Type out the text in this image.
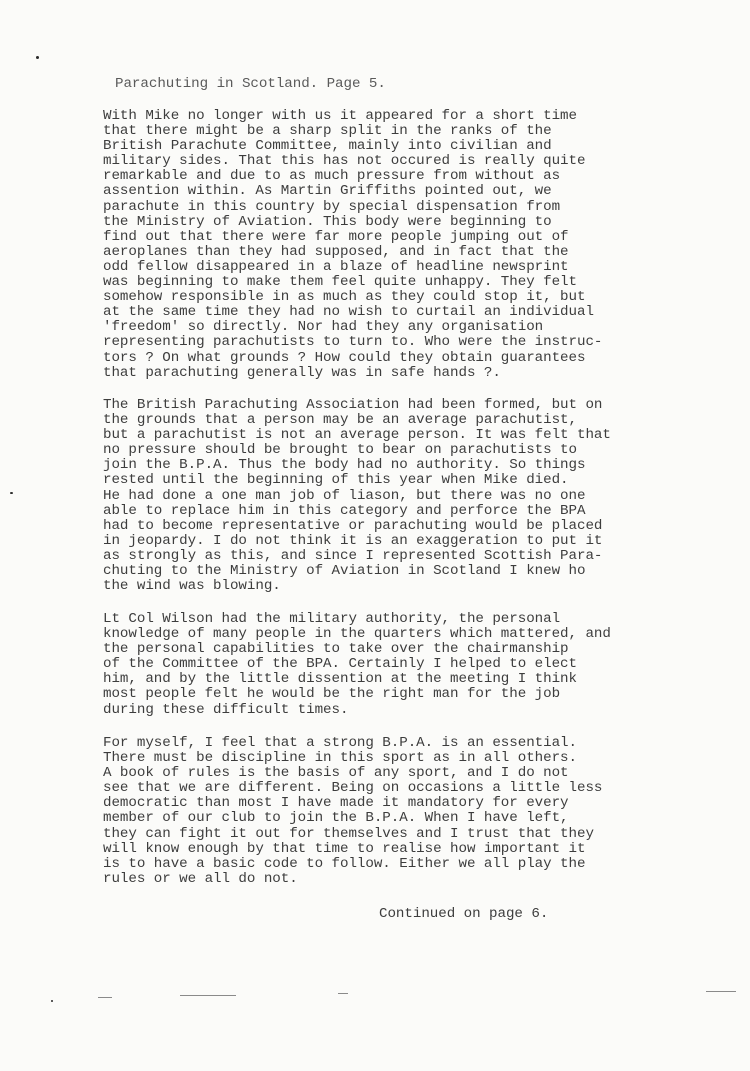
Parachuting in Scotland. Page 5.
With Mike no longer with us it appeared for a short time
that there might be a sharp split in the ranks of the
British Parachute Committee, mainly into civilian and
military sides. That this has not occured is really quite
remarkable and due to as much pressure from without as
assention within. As Martin Griffiths pointed out, we
parachute in this country by special dispensation from
the Ministry of Aviation. This body were beginning to
find out that there were far more people jumping out of
aeroplanes than they had supposed, and in fact that the
odd fellow disappeared in a blaze of headline newsprint
was beginning to make them feel quite unhappy. They felt
somehow responsible in as much as they could stop it, but
at the same time they had no wish to curtail an individual
'freedom' so directly. Nor had they any organisation
representing parachutists to turn to. Who were the instruc-
tors ? On what grounds ? How could they obtain guarantees
that parachuting generally was in safe hands ?.
The British Parachuting Association had been formed, but on
the grounds that a person may be an average parachutist,
but a parachutist is not an average person. It was felt that
no pressure should be brought to bear on parachutists to
join the B.P.A. Thus the body had no authority. So things
rested until the beginning of this year when Mike died.
He had done a one man job of liason, but there was no one
able to replace him in this category and perforce the BPA
had to become representative or parachuting would be placed
in jeopardy. I do not think it is an exaggeration to put it
as strongly as this, and since I represented Scottish Para-
chuting to the Ministry of Aviation in Scotland I knew ho
the wind was blowing.
Lt Col Wilson had the military authority, the personal
knowledge of many people in the quarters which mattered, and
the personal capabilities to take over the chairmanship
of the Committee of the BPA. Certainly I helped to elect
him, and by the little dissention at the meeting I think
most people felt he would be the right man for the job
during these difficult times.
For myself, I feel that a strong B.P.A. is an essential.
There must be discipline in this sport as in all others.
A book of rules is the basis of any sport, and I do not
see that we are different. Being on occasions a little less
democratic than most I have made it mandatory for every
member of our club to join the B.P.A. When I have left,
they can fight it out for themselves and I trust that they
will know enough by that time to realise how important it
is to have a basic code to follow. Either we all play the
rules or we all do not.
Continued on page 6.
